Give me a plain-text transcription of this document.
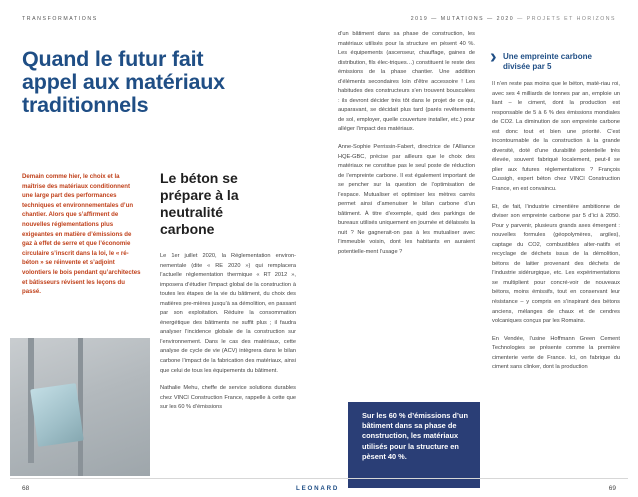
TRANSFORMATIONS	2019 — MUTATIONS — 2020 — PROJETS ET HORIZONS
Quand le futur fait appel aux matériaux traditionnels
Demain comme hier, le choix et la maîtrise des matériaux conditionnent une large part des performances techniques et environnementales d’un chantier. Alors que s’affirment de nouvelles réglementations plus exigeantes en matière d’émissions de gaz à effet de serre et que l’économie circulaire s’inscrit dans la loi, le « ré-béton » se réinvente et s’adjoint volontiers le bois pendant qu’architectes et bâtisseurs révisent les leçons du passé.
Le béton se prépare à la neutralité carbone

Le 1er juillet 2020, la Réglementation environ-nementale (dite « RE 2020 ») qui remplacera l’actuelle réglementation thermique « RT 2012 », imposera d’étudier l’impact global de la construction à toutes les étapes de la vie du bâtiment, du choix des matières pre-mières jusqu’à sa démolition, en passant par son exploitation. Réduire la consommation énergétique des bâtiments ne suffit plus ; il faudra analyser l’incidence globale de la construction sur l’environnement. Dans le cas des matériaux, cette analyse de cycle de vie (ACV) intègrera dans le bilan carbone l’impact de la fabrication des matériaux, ainsi que celui de tous les équipements du bâtiment.

Nathalie Mehu, cheffe de service solutions durables chez VINCI Construction France, rappelle à cette que sur les 60 % d’émissions

d’un bâtiment dans sa phase de construction, les matériaux utilisés pour la structure en pèsent 40 %. Les équipements (ascenseur, chauffage, gaines de distribution, fils élec-triques…) constituent le reste des émissions de la phase chantier. Une addition d’éléments secondaires loin d’être accessoire ! Les habitudes des constructeurs s’en trouvent bousculées : ils devront décider très tôt dans le projet de ce qui, auparavant, se décidait plus tard (parés revêtements de sol, employer, quelle couverture installer, etc.) pour alléger l’impact des matériaux.

Anne-Sophie Perrissin-Fabert, directrice de l’Alliance HQE-GBC, précise par ailleurs que le choix des matériaux ne constitue pas le seul poste de réduction de l’empreinte carbone. Il est également important de se pencher sur la question de l’optimisation de l’espace. Mutualiser et optimiser les mètres carrés permet ainsi d’amenuiser le bilan carbone d’un bâtiment. À titre d’exemple, quid des parkings de bureaux utilisés uniquement en journée et délaissés la nuit ? Ne gagnerait-on pas à les mutualiser avec l’immeuble voisin, dont les habitants en auraient potentielle-ment l’usage ?

Sur les 60 % d’émissions d’un bâtiment dans sa phase de construction, les matériaux utilisés pour la structure en pèsent 40 %.
› Une empreinte carbone divisée par 5

Il n’en reste pas moins que le béton, maté-riau roi, avec ses 4 milliards de tonnes par an, emploie un liant – le ciment, dont la production est responsable de 5 à 6 % des émissions mondiales de CO2. La diminution de son empreinte carbone est donc tout et bien une priorité. C’est incontournable de la construction à la grande diversité, doté d’une durabilité potentielle très élevée, souvent fabriqué localement, peut-il se plier aux futures réglementations ? François Cussigh, expert béton chez VINCI Construction France, en est convaincu.

Et, de fait, l’industrie cimentière ambitionne de diviser son empreinte carbone par 5 d’ici à 2050. Pour y parvenir, plusieurs grands axes émergent : nouvelles formules (géopolymères, argiles), captage du CO2, combustibles alter-natifs et recyclage de déchets issus de la démolition, bétons de laitier provenant des déchets de l’industrie sidérurgique, etc. Les expérimentations se multiplient pour concré-voir de nouveaux bétons, moins émissifs, tout en conservant leur résistance – y compris en s’inspirant des bétons anciens, mélanges de chaux et de cendres volcaniques conçus par les Romains.

En Vendée, l’usine Hoffmann Green Cement Technologies se présente comme la première cimenterie verte de France. Ici, on fabrique du ciment sans clinker, dont la production

68	LEONARD	69
